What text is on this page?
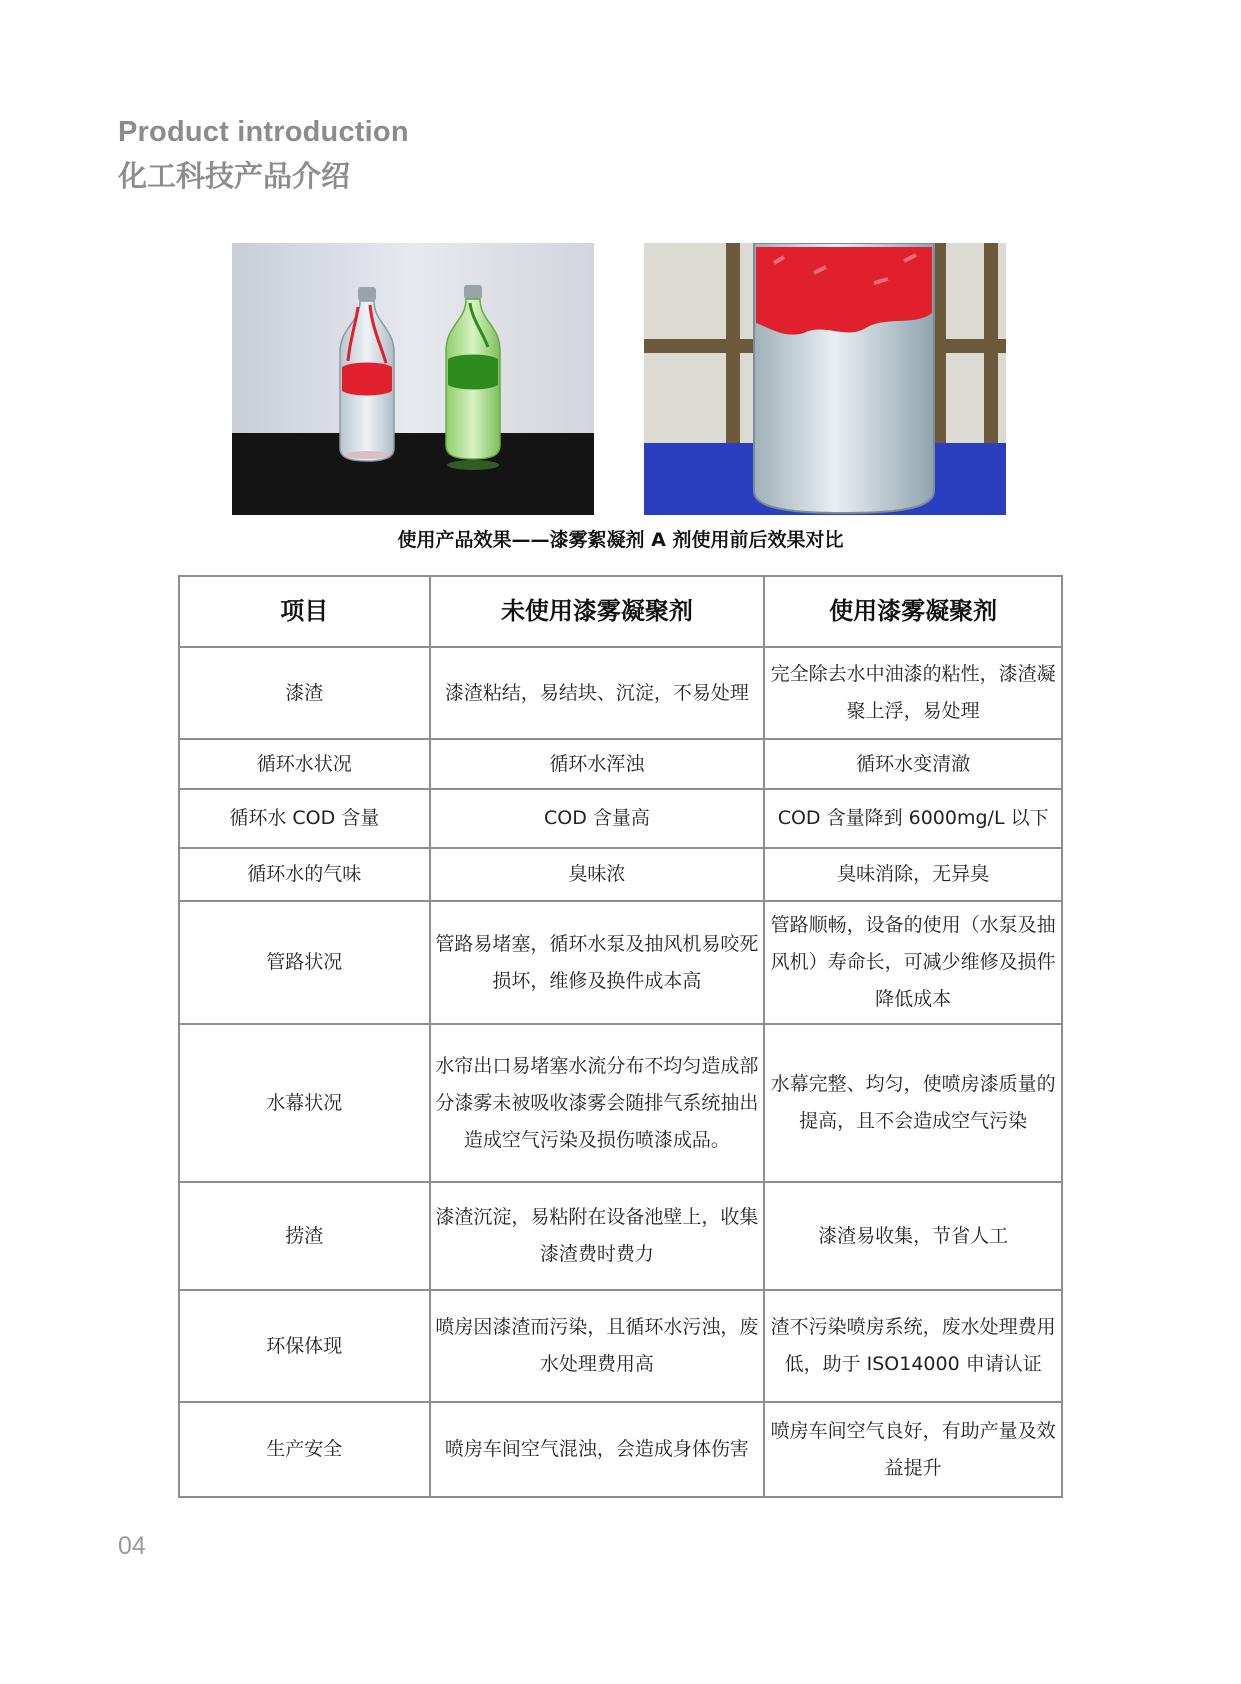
Product introduction
化工科技产品介绍
使用产品效果——漆雾絮凝剂 A 剂使用前后效果对比
项目	未使用漆雾凝聚剂	使用漆雾凝聚剂
漆渣	漆渣粘结，易结块、沉淀，不易处理	完全除去水中油漆的粘性，漆渣凝聚上浮，易处理
循环水状况	循环水浑浊	循环水变清澈
循环水 COD 含量	COD 含量高	COD 含量降到 6000mg/L 以下
循环水的气味	臭味浓	臭味消除，无异臭
管路状况	管路易堵塞，循环水泵及抽风机易咬死损坏，维修及换件成本高	管路顺畅，设备的使用（水泵及抽风机）寿命长，可减少维修及损件降低成本
水幕状况	水帘出口易堵塞水流分布不均匀造成部分漆雾未被吸收漆雾会随排气系统抽出造成空气污染及损伤喷漆成品。	水幕完整、均匀，使喷房漆质量的提高，且不会造成空气污染
捞渣	漆渣沉淀，易粘附在设备池壁上，收集漆渣费时费力	漆渣易收集，节省人工
环保体现	喷房因漆渣而污染，且循环水污浊，废水处理费用高	渣不污染喷房系统，废水处理费用低，助于 ISO14000 申请认证
生产安全	喷房车间空气混浊，会造成身体伤害	喷房车间空气良好，有助产量及效益提升
04
